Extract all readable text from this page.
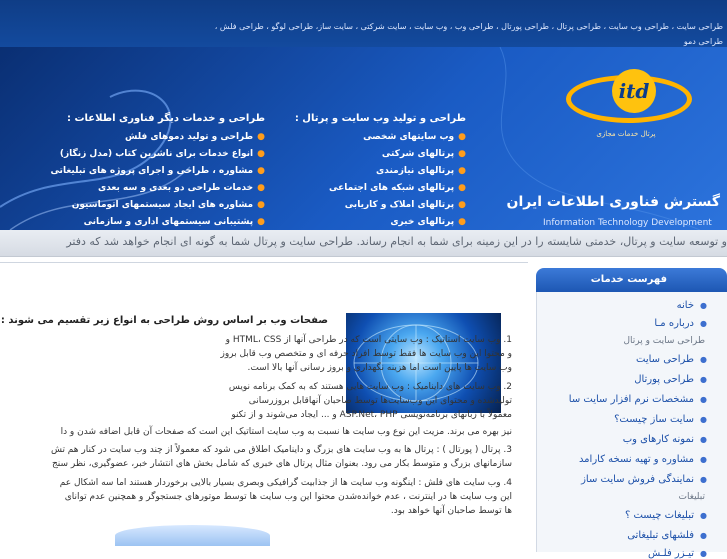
طراحی سایت ، طراحی وب سایت ، طراحی پرتال ، طراحی پورتال ، طراحی وب ، وب سایت ، سایت شرکتی ، سایت ساز، طراحی لوگو ، طراحی فلش ،
طراحی دمو
itd
پرتال خدمات مجازی
گسترش فناوری اطلاعات ایران
Information Technology Development
طراحی و تولید وب سایت و پرتال :
●وب سایتهای شخصی
●پرتالهای شرکتی
●پرتالهای نیازمندی
●پرتالهای شبکه های اجتماعی
●پرتالهای املاک و کاریابی
●پرتالهای خبری
طراحی و خدمات دیگر فناوری اطلاعات :
●طراحی و تولید دموهای فلش
●انواع خدمات برای ناشرین کتاب (مدل زنگاز)
●مشاوره ، طراحی و اجرای پروژه های تبلیغاتی
●خدمات طراحی دو بعدی و سه بعدی
●مشاوره های ایجاد سیستمهای اتوماسیون
●پشتیبانی سیستمهای اداری و سازمانی
و توسعه سایت و پرتال، خدمتی شایسته را در این زمینه برای شما به انجام رساند. طراحی سایت و پرتال شما به گونه ای انجام خواهد شد که دفتر
فهرست خدمات
●خانه
●درباره مـا
طراحی سایت و پرتال
●طراحی سایت
●طراحی پورتال
●مشخصات نرم افزار سایت سا
●سایت ساز چیست؟
●نمونه کارهای وب
●مشاوره و تهیه نسخه کارامد
●نمایندگی فروش سایت ساز
تبلیغات
●تبلیغات چیست ؟
●فلشهای تبلیغاتی
●تیـزر فلـش
صفحات وب بر اساس روش طراحی به انواع زیر تقسیم می شوند :
1. وب سایت استاتیک : وب سایتی است که در طراحی آنها از HTML، CSS و
و محتوا این وب سایت ها فقط توسط افراد حرفه ای و متخصص وب قابل بروز
وب سایت ها پایین است اما هزینه نگهداری و بروز رسانی آنها بالا است.
2. وب سایت های داینامیک : وب سایت هایی هستند که به کمک برنامه نویس
تولیدشده و محتوای این وب‌سایت‌ها توسط صاحبان آنهاقابل بروزرسانی
معمولاً با زبانهای برنامه‌نویسی ASP.Net، PHP و ... ایجاد می‌شوند و از تکنو
نیز بهره می برند. مزیت این نوع وب سایت ها نسبت به وب سایت استاتیک این است که صفحات آن قابل اضافه شدن و دا
3. پرتال ( پورتال ) : پرتال ها به وب سایت های بزرگ و داینامیک اطلاق می شود که معمولاً از چند وب سایت در کنار هم تش
سازمانهای بزرگ و متوسط بکار می رود. بعنوان مثال پرتال های خبری که شامل بخش های انتشار خبر، عضوگیری، نظر سنج
4. وب سایت های فلش : اینگونه وب سایت ها از جذابیت گرافیکی وبصری بسیار بالایی برخوردار هستند اما سه اشکال عم
این وب سایت ها در اینترنت ، عدم خوانده‌شدن محتوا این وب سایت ها توسط موتورهای جستجوگر و همچنین عدم توانای
ها توسط صاحبان آنها خواهد بود.
